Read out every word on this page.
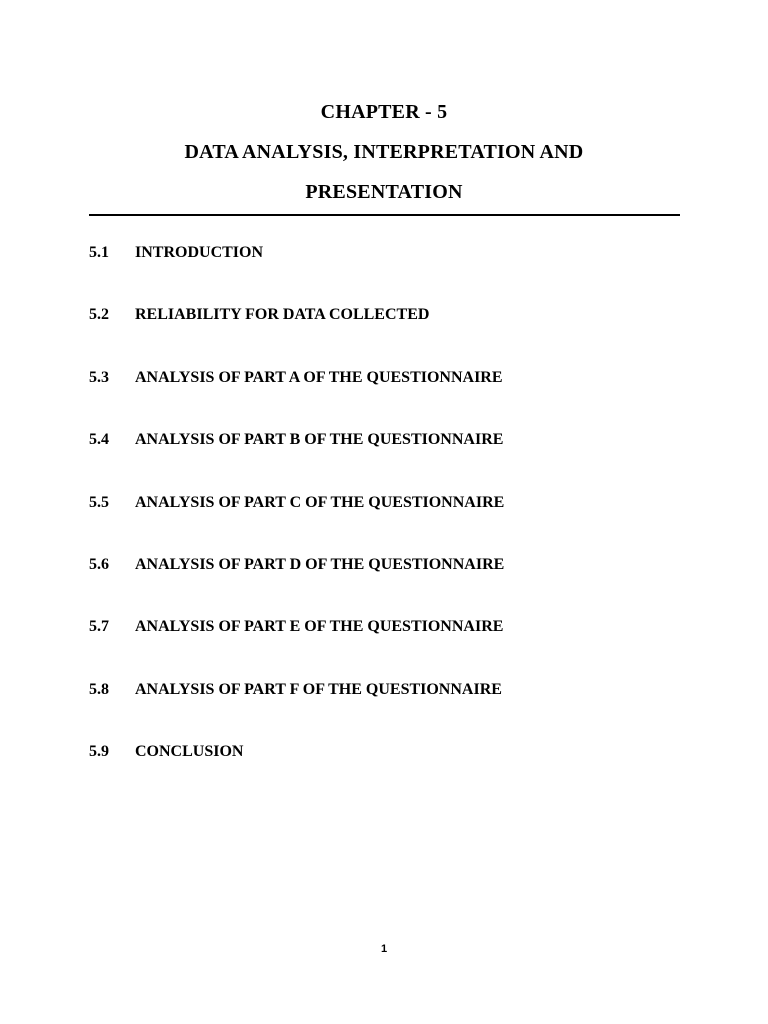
CHAPTER - 5
DATA ANALYSIS, INTERPRETATION AND
PRESENTATION
5.1	INTRODUCTION
5.2	RELIABILITY FOR DATA COLLECTED
5.3	ANALYSIS OF PART A OF THE QUESTIONNAIRE
5.4	ANALYSIS OF PART B OF THE QUESTIONNAIRE
5.5	ANALYSIS OF PART C OF THE QUESTIONNAIRE
5.6	ANALYSIS OF PART D OF THE QUESTIONNAIRE
5.7	ANALYSIS OF PART E OF THE QUESTIONNAIRE
5.8	ANALYSIS OF PART F OF THE QUESTIONNAIRE
5.9	CONCLUSION
1
